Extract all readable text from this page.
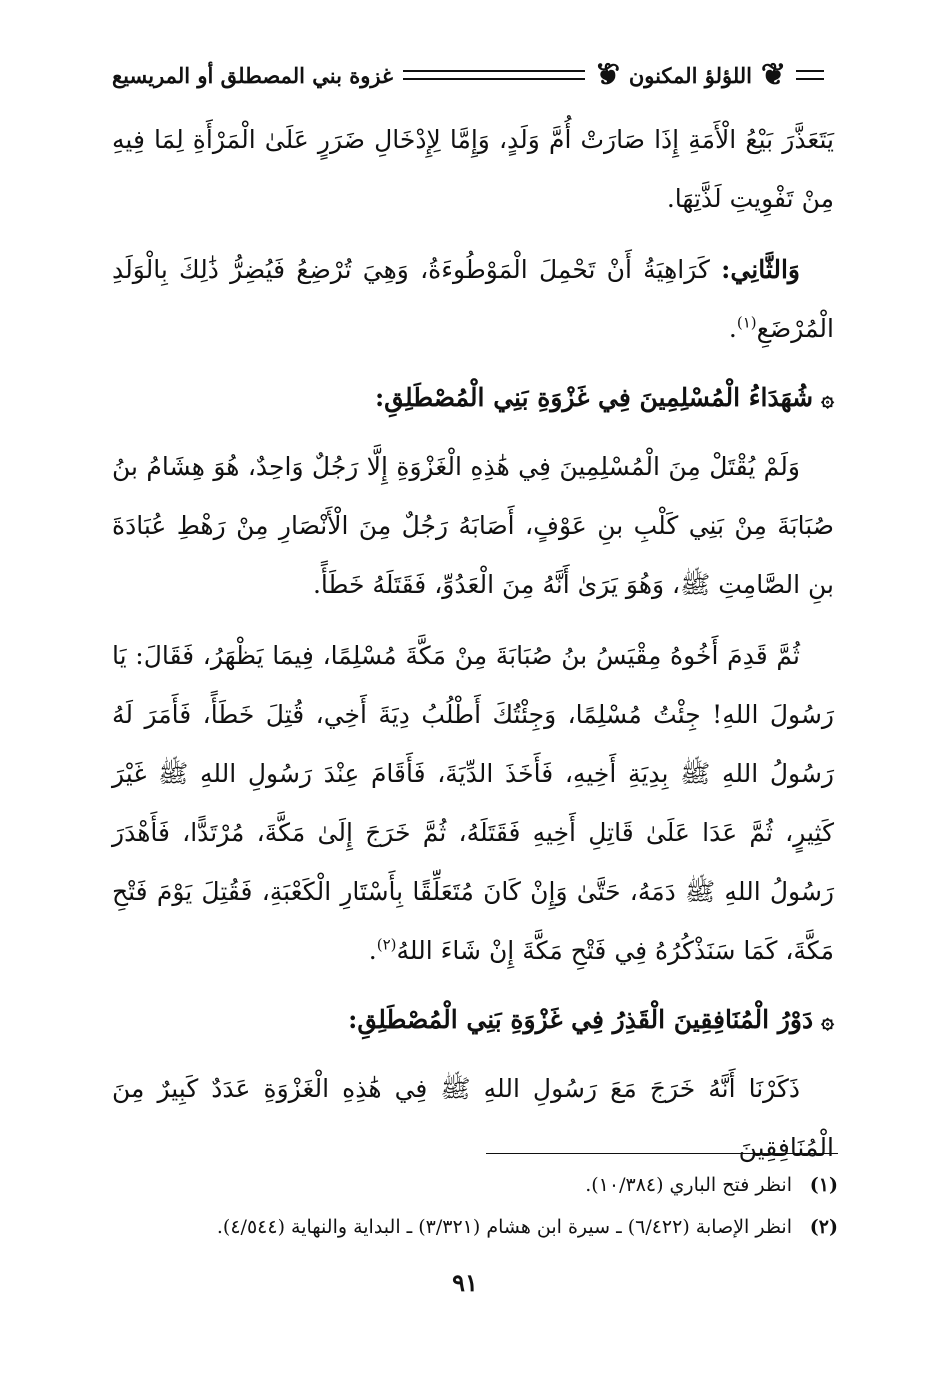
❦ اللؤلؤ المكنون ❦
غزوة بني المصطلق أو المريسيع

يَتَعَذَّرَ بَيْعُ الْأَمَةِ إِذَا صَارَتْ أُمَّ وَلَدٍ، وَإِمَّا لِإِدْخَالِ ضَرَرٍ عَلَىٰ الْمَرْأَةِ لِمَا فِيهِ مِنْ تَفْوِيتِ لَذَّتِهَا.

وَالثَّانِي: كَرَاهِيَةُ أَنْ تَحْمِلَ الْمَوْطُوءَةُ، وَهِيَ تُرْضِعُ فَيُضِرُّ ذَٰلِكَ بِالْوَلَدِ الْمُرْضَعِ$^{(١)}$.

۞شُهَدَاءُ الْمُسْلِمِينَ فِي غَزْوَةِ بَنِي الْمُصْطَلِقِ:

وَلَمْ يُقْتَلْ مِنَ الْمُسْلِمِينَ فِي هَٰذِهِ الْغَزْوَةِ إِلَّا رَجُلٌ وَاحِدٌ، هُوَ هِشَامُ بنُ صُبَابَةَ مِنْ بَنِي كَلْبِ بنِ عَوْفٍ، أَصَابَهُ رَجُلٌ مِنَ الْأَنْصَارِ مِنْ رَهْطِ عُبَادَةَ بنِ الصَّامِتِ ﷺ، وَهُوَ يَرَىٰ أَنَّهُ مِنَ الْعَدُوِّ، فَقَتَلَهُ خَطَأً.

ثُمَّ قَدِمَ أَخُوهُ مِقْيَسُ بنُ صُبَابَةَ مِنْ مَكَّةَ مُسْلِمًا، فِيمَا يَظْهَرُ، فَقَالَ: يَا رَسُولَ اللهِ! جِئْتُ مُسْلِمًا، وَجِئْتُكَ أَطْلُبُ دِيَةَ أَخِي، قُتِلَ خَطَأً، فَأَمَرَ لَهُ رَسُولُ اللهِ ﷺ بِدِيَةِ أَخِيهِ، فَأَخَذَ الدِّيَةَ، فَأَقَامَ عِنْدَ رَسُولِ اللهِ ﷺ غَيْرَ كَثِيرٍ، ثُمَّ عَدَا عَلَىٰ قَاتِلِ أَخِيهِ فَقَتَلَهُ، ثُمَّ خَرَجَ إِلَىٰ مَكَّةَ، مُرْتَدًّا، فَأَهْدَرَ رَسُولُ اللهِ ﷺ دَمَهُ، حَتَّىٰ وَإِنْ كَانَ مُتَعَلِّقًا بِأَسْتَارِ الْكَعْبَةِ، فَقُتِلَ يَوْمَ فَتْحِ مَكَّةَ، كَمَا سَنَذْكُرُهُ فِي فَتْحِ مَكَّةَ إِنْ شَاءَ اللهُ$^{(٢)}$.

۞دَوْرُ الْمُنَافِقِينَ الْقَذِرُ فِي غَزْوَةِ بَنِي الْمُصْطَلِقِ:

ذَكَرْنَا أَنَّهُ خَرَجَ مَعَ رَسُولِ اللهِ ﷺ فِي هَٰذِهِ الْغَزْوَةِ عَدَدٌ كَبِيرٌ مِنَ الْمُنَافِقِينَ

(١)انظر فتح الباري (١٠/٣٨٤).

(٢)انظر الإصابة (٦/٤٢٢) ـ سيرة ابن هشام (٣/٣٢١) ـ البداية والنهاية (٤/٥٤٤).

٩١
